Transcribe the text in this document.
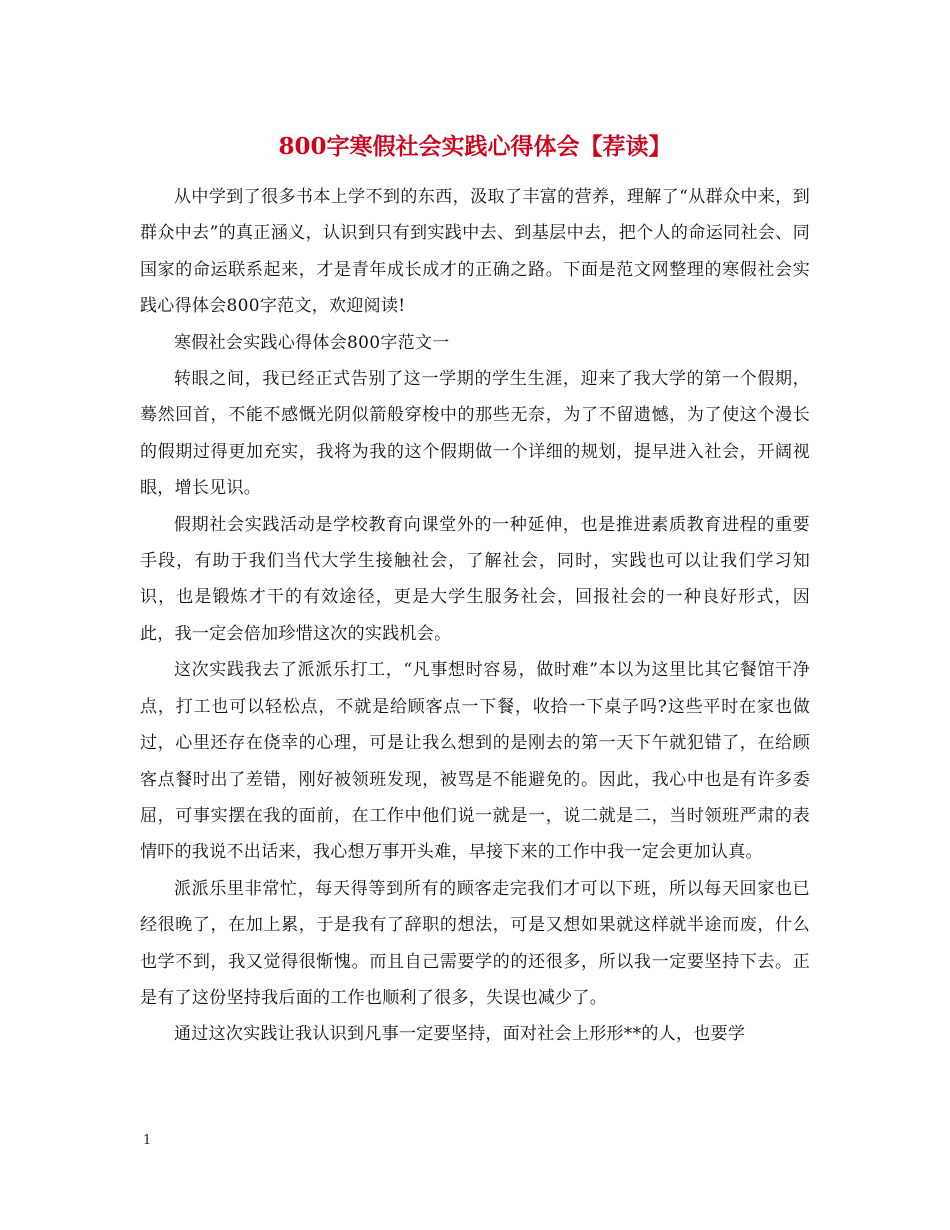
800字寒假社会实践心得体会【荐读】

从中学到了很多书本上学不到的东西，汲取了丰富的营养，理解了“从群众中来，到群众中去”的真正涵义，认识到只有到实践中去、到基层中去，把个人的命运同社会、同国家的命运联系起来，才是青年成长成才的正确之路。下面是范文网整理的寒假社会实践心得体会800字范文，欢迎阅读!

寒假社会实践心得体会800字范文一

转眼之间，我已经正式告别了这一学期的学生生涯，迎来了我大学的第一个假期，蓦然回首，不能不感慨光阴似箭般穿梭中的那些无奈，为了不留遗憾，为了使这个漫长的假期过得更加充实，我将为我的这个假期做一个详细的规划，提早进入社会，开阔视眼，增长见识。

假期社会实践活动是学校教育向课堂外的一种延伸，也是推进素质教育进程的重要手段，有助于我们当代大学生接触社会，了解社会，同时，实践也可以让我们学习知识，也是锻炼才干的有效途径，更是大学生服务社会，回报社会的一种良好形式，因此，我一定会倍加珍惜这次的实践机会。

这次实践我去了派派乐打工，“凡事想时容易，做时难”本以为这里比其它餐馆干净点，打工也可以轻松点，不就是给顾客点一下餐，收拾一下桌子吗?这些平时在家也做过，心里还存在侥幸的心理，可是让我么想到的是刚去的第一天下午就犯错了，在给顾客点餐时出了差错，刚好被领班发现，被骂是不能避免的。因此，我心中也是有许多委屈，可事实摆在我的面前，在工作中他们说一就是一，说二就是二，当时领班严肃的表情吓的我说不出话来，我心想万事开头难，早接下来的工作中我一定会更加认真。

派派乐里非常忙，每天得等到所有的顾客走完我们才可以下班，所以每天回家也已经很晚了，在加上累，于是我有了辞职的想法，可是又想如果就这样就半途而废，什么也学不到，我又觉得很惭愧。而且自己需要学的的还很多，所以我一定要坚持下去。正是有了这份坚持我后面的工作也顺利了很多，失误也减少了。

通过这次实践让我认识到凡事一定要坚持，面对社会上形形**的人，也要学

1
